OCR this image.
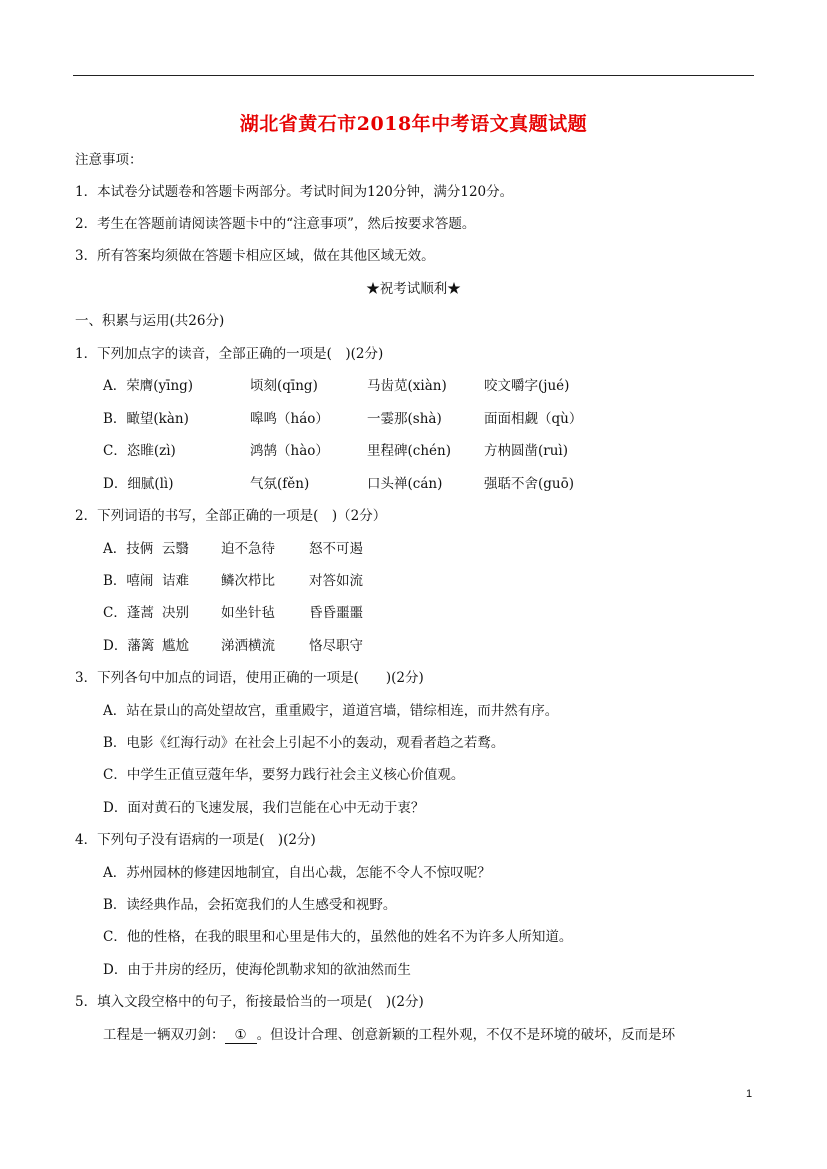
湖北省黄石市2018年中考语文真题试题
注意事项：
1．本试卷分试题卷和答题卡两部分。考试时间为120分钟，满分120分。
2．考生在答题前请阅读答题卡中的“注意事项”，然后按要求答题。
3．所有答案均须做在答题卡相应区域，做在其他区域无效。
★祝考试顺利★
一、积累与运用(共26分)
1．下列加点字的读音，全部正确的一项是(　)(2分)
A．荣膺(yīng)	顷刻(qīng)	马齿苋(xiàn)	咬文嚼字(jué)
B．瞰望(kàn)	嗥鸣（háo）	一霎那(shà)	面面相觑（qù）
C．恣睢(zì)	鸿鹄（hào）	里程碑(chén) 方枘圆凿(ruì)
D．细腻(lì)	气氛(fěn)	口头禅(cán)	强聒不舍(guō)
2．下列词语的书写，全部正确的一项是(　)（2分）
A．技俩 云翳 迫不急待	怒不可遏
B．嘻闹 诘难 鳞次栉比	对答如流
C．蓬蒿 决别 如坐针毡	昏昏噩噩
D．藩篱 尴尬 涕洒横流	恪尽职守
3．下列各句中加点的词语，使用正确的一项是(　　)(2分)
A．站在景山的高处望故宫，重重殿宇，道道宫墙，错综相连，而井然有序。
B．电影《红海行动》在社会上引起不小的轰动，观看者趋之若鹜。
C．中学生正值豆蔻年华，要努力践行社会主义核心价值观。
D．面对黄石的飞速发展，我们岂能在心中无动于衷？
4．下列句子没有语病的一项是(　)(2分)
A．苏州园林的修建因地制宜，自出心裁，怎能不令人不惊叹呢？
B．读经典作品，会拓宽我们的人生感受和视野。
C．他的性格，在我的眼里和心里是伟大的，虽然他的姓名不为许多人所知道。
D．由于井房的经历，使海伦凯勒求知的欲油然而生
5．填入文段空格中的句子，衔接最恰当的一项是(　)(2分)
工程是一辆双刃剑： ① 。但设计合理、创意新颖的工程外观，不仅不是环境的破坏，反而是环
1
